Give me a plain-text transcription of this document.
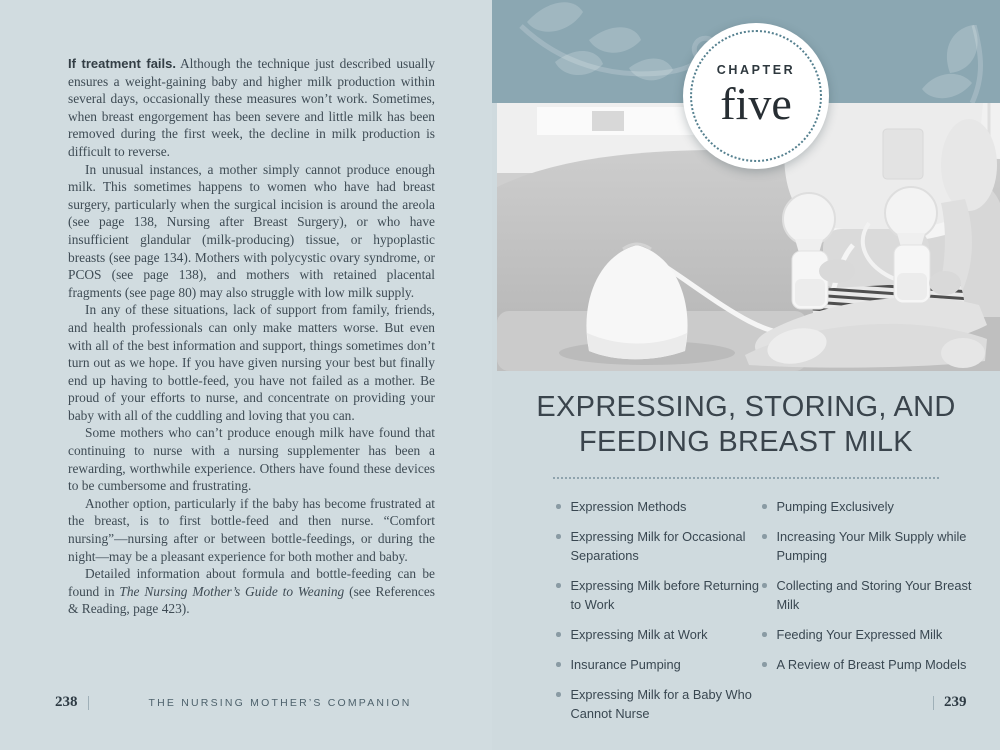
If treatment fails. Although the technique just described usually ensures a weight-gaining baby and higher milk production within several days, occasionally these measures won’t work. Sometimes, when breast engorgement has been severe and little milk has been removed during the first week, the decline in milk production is difficult to reverse.

In unusual instances, a mother simply cannot produce enough milk. This sometimes happens to women who have had breast surgery, particularly when the surgical incision is around the areola (see page 138, Nursing after Breast Surgery), or who have insufficient glandular (milk-producing) tissue, or hypoplastic breasts (see page 134). Mothers with polycystic ovary syndrome, or PCOS (see page 138), and mothers with retained placental fragments (see page 80) may also struggle with low milk supply.

In any of these situations, lack of support from family, friends, and health professionals can only make matters worse. But even with all of the best information and support, things sometimes don’t turn out as we hope. If you have given nursing your best but finally end up having to bottle-feed, you have not failed as a mother. Be proud of your efforts to nurse, and concentrate on providing your baby with all of the cuddling and loving that you can.

Some mothers who can’t produce enough milk have found that continuing to nurse with a nursing supplementer has been a rewarding, worthwhile experience. Others have found these devices to be cumbersome and frustrating.

Another option, particularly if the baby has become frustrated at the breast, is to first bottle-feed and then nurse. “Comfort nursing”—nursing after or between bottle-feedings, or during the night—may be a pleasant experience for both mother and baby.

Detailed information about formula and bottle-feeding can be found in The Nursing Mother’s Guide to Weaning (see References & Reading, page 423).

238	THE NURSING MOTHER’S COMPANION
CHAPTER
five
EXPRESSING, STORING, AND
FEEDING BREAST MILK
Expression Methods
Expressing Milk for Occasional Separations
Expressing Milk before Returning to Work
Expressing Milk at Work
Insurance Pumping
Expressing Milk for a Baby Who Cannot Nurse
Pumping Exclusively
Increasing Your Milk Supply while Pumping
Collecting and Storing Your Breast Milk
Feeding Your Expressed Milk
A Review of Breast Pump Models
239
